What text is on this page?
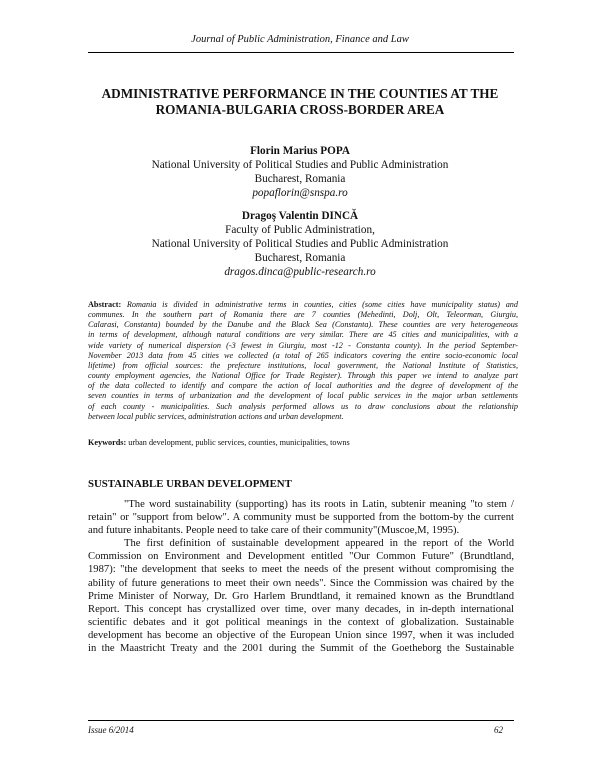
Journal of Public Administration, Finance and Law
ADMINISTRATIVE PERFORMANCE IN THE COUNTIES AT THE
ROMANIA-BULGARIA CROSS-BORDER AREA
Florin Marius POPA
National University of Political Studies and Public Administration
Bucharest, Romania
popaflorin@snspa.ro
Dragoş Valentin DINCĂ
Faculty of Public Administration,
National University of Political Studies and Public Administration
Bucharest, Romania
dragos.dinca@public-research.ro
Abstract: Romania is divided in administrative terms in counties, cities (some cities have municipality status) and
communes. In the southern part of Romania there are 7 counties (Mehedinti, Dolj, Olt, Teleorman, Giurgiu,
Calarasi, Constanta) bounded by the Danube and the Black Sea (Constanta). These counties are very heterogeneous
in terms of development, although natural conditions are very similar. There are 45 cities and municipalities, with a
wide variety of numerical dispersion (-3 fewest in Giurgiu, most -12 - Constanta county). In the period September-
November 2013 data from 45 cities we collected (a total of 265 indicators covering the entire socio-economic local
lifetime) from official sources: the prefecture institutions, local government, the National Institute of Statistics,
county employment agencies, the National Office for Trade Register). Through this paper we intend to analyze part
of the data collected to identify and compare the action of local authorities and the degree of development of the
seven counties in terms of urbanization and the development of local public services in the major urban settlements
of each county - municipalities. Such analysis performed allows us to draw conclusions about the relationship
between local public services, administration actions and urban development.
Keywords: urban development, public services, counties, municipalities, towns
SUSTAINABLE URBAN DEVELOPMENT
"The word sustainability (supporting) has its roots in Latin, subtenir meaning "to stem /
retain" or "support from below". A community must be supported from the bottom-by the current
and future inhabitants. People need to take care of their community"(Muscoe,M, 1995).
The first definition of sustainable development appeared in the report of the World
Commission on Environment and Development entitled "Our Common Future" (Brundtland,
1987): "the development that seeks to meet the needs of the present without compromising the
ability of future generations to meet their own needs". Since the Commission was chaired by the
Prime Minister of Norway, Dr. Gro Harlem Brundtland, it remained known as the Brundtland
Report. This concept has crystallized over time, over many decades, in in-depth international
scientific debates and it got political meanings in the context of globalization. Sustainable
development has become an objective of the European Union since 1997, when it was included
in the Maastricht Treaty and the 2001 during the Summit of the Goetheborg the Sustainable
Issue 6/2014	62
